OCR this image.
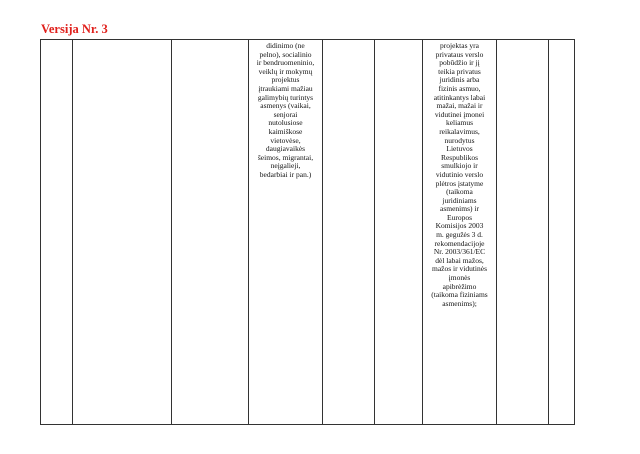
Versija Nr. 3
didinimo (ne
pelno), socialinio
ir bendruomeninio,
veiklų ir mokymų
projektus
įtraukiami mažiau
galimybių turintys
asmenys (vaikai,
senjorai
nutolusiose
kaimiškose
vietovėse,
daugiavaikės
šeimos, migrantai,
neįgalieji,
bedarbiai ir pan.)
projektas yra
privataus verslo
pobūdžio ir jį
teikia privatus
juridinis arba
fizinis asmuo,
atitinkantys labai
mažai, mažai ir
vidutinei įmonei
keliamus
reikalavimus,
nurodytus
Lietuvos
Respublikos
smulkiojo ir
vidutinio verslo
plėtros įstatyme
(taikoma
juridiniams
asmenims) ir
Europos
Komisijos 2003
m. gegužės 3 d.
rekomendacijoje
Nr. 2003/361/EC
dėl labai mažos,
mažos ir vidutinės
įmonės
apibrėžimo
(taikoma fiziniams
asmenims);
